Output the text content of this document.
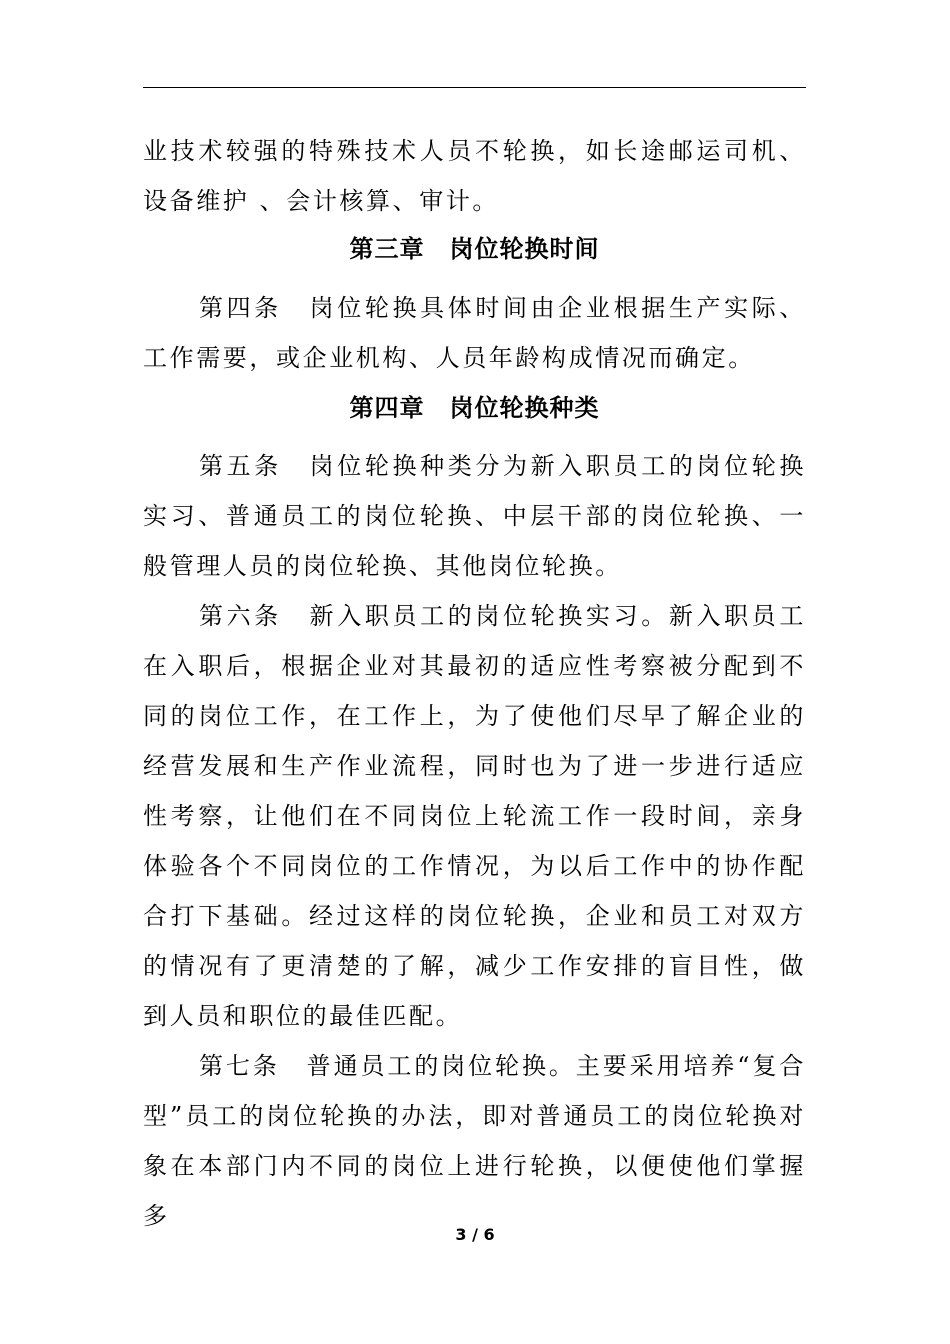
业技术较强的特殊技术人员不轮换，如长途邮运司机、设备维护 、会计核算、审计。

第三章　岗位轮换时间

第四条　岗位轮换具体时间由企业根据生产实际、工作需要，或企业机构、人员年龄构成情况而确定。

第四章　岗位轮换种类

第五条　岗位轮换种类分为新入职员工的岗位轮换实习、普通员工的岗位轮换、中层干部的岗位轮换、一般管理人员的岗位轮换、其他岗位轮换。

第六条　新入职员工的岗位轮换实习。新入职员工在入职后，根据企业对其最初的适应性考察被分配到不同的岗位工作，在工作上，为了使他们尽早了解企业的经营发展和生产作业流程，同时也为了进一步进行适应性考察，让他们在不同岗位上轮流工作一段时间，亲身体验各个不同岗位的工作情况，为以后工作中的协作配合打下基础。经过这样的岗位轮换，企业和员工对双方的情况有了更清楚的了解，减少工作安排的盲目性，做到人员和职位的最佳匹配。

第七条　普通员工的岗位轮换。主要采用培养“复合型”员工的岗位轮换的办法，即对普通员工的岗位轮换对象在本部门内不同的岗位上进行轮换，以便使他们掌握多

3 / 6
